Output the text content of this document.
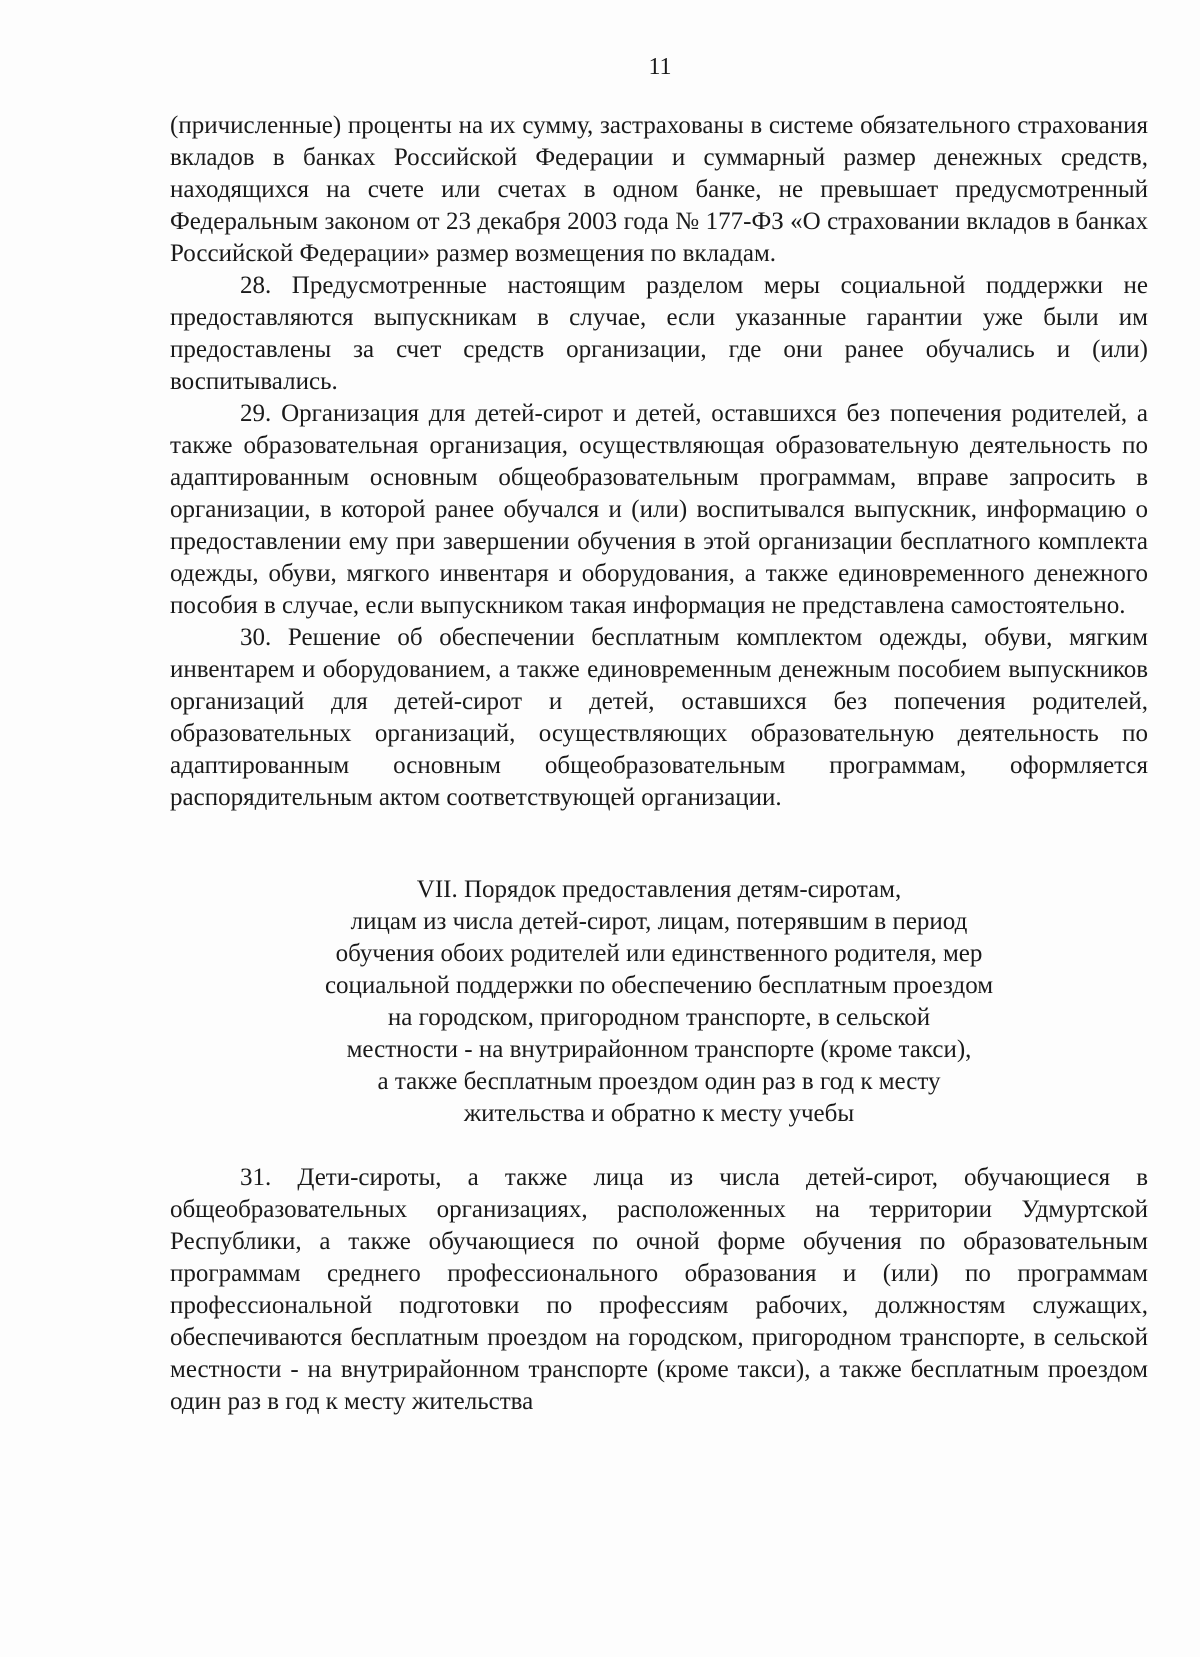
11

(причисленные) проценты на их сумму, застрахованы в системе обязательного страхования вкладов в банках Российской Федерации и суммарный размер денежных средств, находящихся на счете или счетах в одном банке, не превышает предусмотренный Федеральным законом от 23 декабря 2003 года № 177-ФЗ «О страховании вкладов в банках Российской Федерации» размер возмещения по вкладам.

28. Предусмотренные настоящим разделом меры социальной поддержки не предоставляются выпускникам в случае, если указанные гарантии уже были им предоставлены за счет средств организации, где они ранее обучались и (или) воспитывались.

29. Организация для детей-сирот и детей, оставшихся без попечения родителей, а также образовательная организация, осуществляющая образовательную деятельность по адаптированным основным общеобразовательным программам, вправе запросить в организации, в которой ранее обучался и (или) воспитывался выпускник, информацию о предоставлении ему при завершении обучения в этой организации бесплатного комплекта одежды, обуви, мягкого инвентаря и оборудования, а также единовременного денежного пособия в случае, если выпускником такая информация не представлена самостоятельно.

30. Решение об обеспечении бесплатным комплектом одежды, обуви, мягким инвентарем и оборудованием, а также единовременным денежным пособием выпускников организаций для детей-сирот и детей, оставшихся без попечения родителей, образовательных организаций, осуществляющих образовательную деятельность по адаптированным основным общеобразовательным программам, оформляется распорядительным актом соответствующей организации.

VII. Порядок предоставления детям-сиротам,
лицам из числа детей-сирот, лицам, потерявшим в период
обучения обоих родителей или единственного родителя, мер
социальной поддержки по обеспечению бесплатным проездом
на городском, пригородном транспорте, в сельской
местности - на внутрирайонном транспорте (кроме такси),
а также бесплатным проездом один раз в год к месту
жительства и обратно к месту учебы

31. Дети-сироты, а также лица из числа детей-сирот, обучающиеся в общеобразовательных организациях, расположенных на территории Удмуртской Республики, а также обучающиеся по очной форме обучения по образовательным программам среднего профессионального образования и (или) по программам профессиональной подготовки по профессиям рабочих, должностям служащих, обеспечиваются бесплатным проездом на городском, пригородном транспорте, в сельской местности - на внутрирайонном транспорте (кроме такси), а также бесплатным проездом один раз в год к месту жительства
